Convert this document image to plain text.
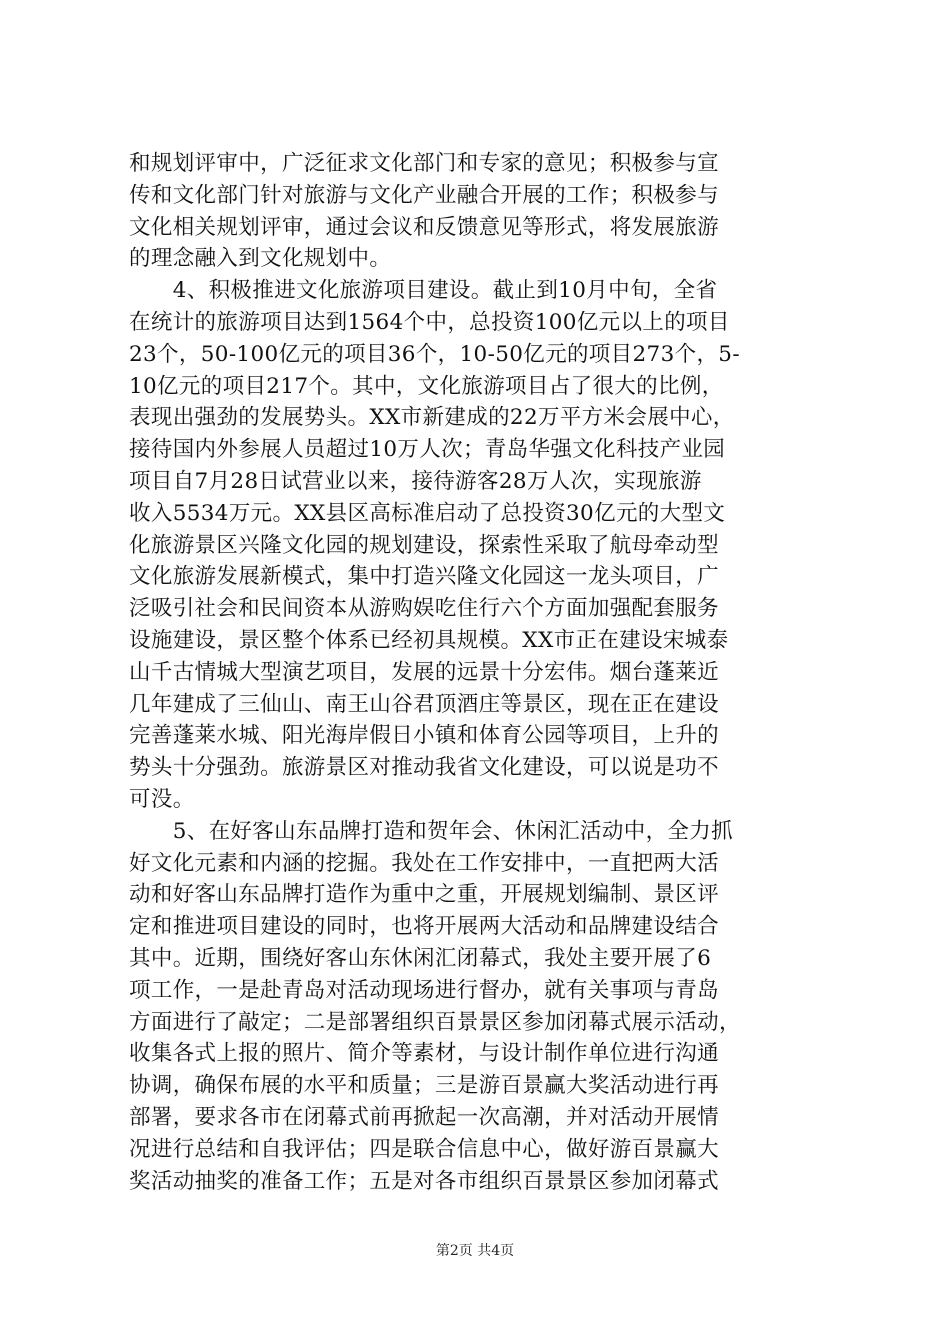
和规划评审中，广泛征求文化部门和专家的意见；积极参与宣
传和文化部门针对旅游与文化产业融合开展的工作；积极参与
文化相关规划评审，通过会议和反馈意见等形式，将发展旅游
的理念融入到文化规划中。
　　4、积极推进文化旅游项目建设。截止到10月中旬，全省
在统计的旅游项目达到1564个中，总投资100亿元以上的项目
23个，50-100亿元的项目36个，10-50亿元的项目273个，5-
10亿元的项目217个。其中，文化旅游项目占了很大的比例，
表现出强劲的发展势头。XX市新建成的22万平方米会展中心，
接待国内外参展人员超过10万人次；青岛华强文化科技产业园
项目自7月28日试营业以来，接待游客28万人次，实现旅游
收入5534万元。XX县区高标准启动了总投资30亿元的大型文
化旅游景区兴隆文化园的规划建设，探索性采取了航母牵动型
文化旅游发展新模式，集中打造兴隆文化园这一龙头项目，广
泛吸引社会和民间资本从游购娱吃住行六个方面加强配套服务
设施建设，景区整个体系已经初具规模。XX市正在建设宋城泰
山千古情城大型演艺项目，发展的远景十分宏伟。烟台蓬莱近
几年建成了三仙山、南王山谷君顶酒庄等景区，现在正在建设
完善蓬莱水城、阳光海岸假日小镇和体育公园等项目，上升的
势头十分强劲。旅游景区对推动我省文化建设，可以说是功不
可没。
　　5、在好客山东品牌打造和贺年会、休闲汇活动中，全力抓
好文化元素和内涵的挖掘。我处在工作安排中，一直把两大活
动和好客山东品牌打造作为重中之重，开展规划编制、景区评
定和推进项目建设的同时，也将开展两大活动和品牌建设结合
其中。近期，围绕好客山东休闲汇闭幕式，我处主要开展了6
项工作，一是赴青岛对活动现场进行督办，就有关事项与青岛
方面进行了敲定；二是部署组织百景景区参加闭幕式展示活动，
收集各式上报的照片、简介等素材，与设计制作单位进行沟通
协调，确保布展的水平和质量；三是游百景赢大奖活动进行再
部署，要求各市在闭幕式前再掀起一次高潮，并对活动开展情
况进行总结和自我评估；四是联合信息中心，做好游百景赢大
奖活动抽奖的准备工作；五是对各市组织百景景区参加闭幕式
第2页 共4页
